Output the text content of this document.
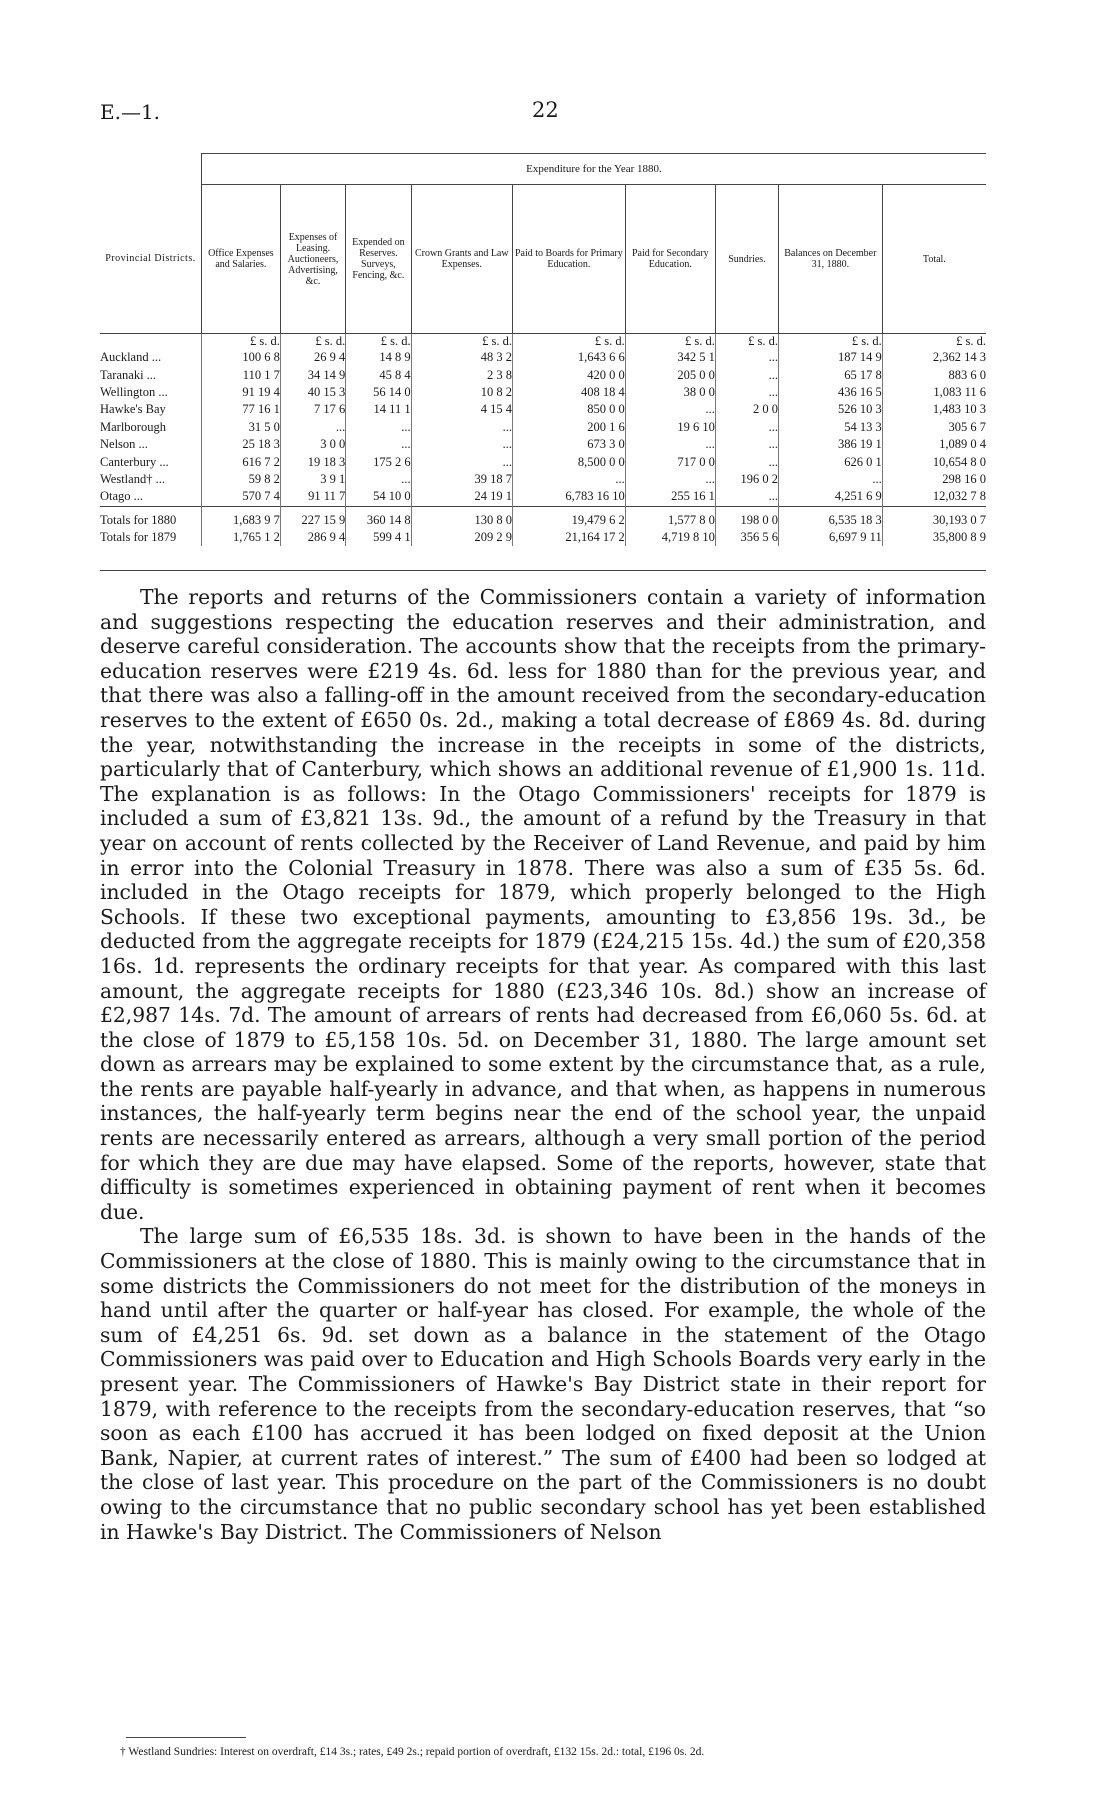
E.—1.	22
	Expenditure for the Year 1880.								
Provincial Districts.	Office Expenses and Salaries.	Expenses of Leasing. Auctioneers, Advertising, &c.	Expended on Reserves. Surveys, Fencing, &c.	Crown Grants and Law Expenses.	Paid to Boards for Primary Education.	Paid for Secondary Education.	Sundries.	Balances on December 31, 1880.	Total.
	£ s. d.	£ s. d.	£ s. d.	£ s. d.	£ s. d.	£ s. d.	£ s. d.	£ s. d.	£ s. d.
Auckland ...	100 6 8	26 9 4	14 8 9	48 3 2	1,643 6 6	342 5 1	...	187 14 9	2,362 14 3
Taranaki ...	110 1 7	34 14 9	45 8 4	2 3 8	420 0 0	205 0 0	...	65 17 8	883 6 0
Wellington ...	91 19 4	40 15 3	56 14 0	10 8 2	408 18 4	38 0 0	...	436 16 5	1,083 11 6
Hawke's Bay	77 16 1	7 17 6	14 11 1	4 15 4	850 0 0	...	2 0 0	526 10 3	1,483 10 3
Marlborough	31 5 0	...	...	...	200 1 6	19 6 10	...	54 13 3	305 6 7
Nelson ...	25 18 3	3 0 0	...	...	673 3 0	...	...	386 19 1	1,089 0 4
Canterbury ...	616 7 2	19 18 3	175 2 6	...	8,500 0 0	717 0 0	...	626 0 1	10,654 8 0
Westland† ...	59 8 2	3 9 1	...	39 18 7	...	...	196 0 2	...	298 16 0
Otago ...	570 7 4	91 11 7	54 10 0	24 19 1	6,783 16 10	255 16 1	...	4,251 6 9	12,032 7 8
Totals for 1880	1,683 9 7	227 15 9	360 14 8	130 8 0	19,479 6 2	1,577 8 0	198 0 0	6,535 18 3	30,193 0 7
Totals for 1879	1,765 1 2	286 9 4	599 4 1	209 2 9	21,164 17 2	4,719 8 10	356 5 6	6,697 9 11	35,800 8 9

The reports and returns of the Commissioners contain a variety of information and suggestions respecting the education reserves and their administration, and deserve careful consideration. The accounts show that the receipts from the primary-education reserves were £219 4s. 6d. less for 1880 than for the previous year, and that there was also a falling-off in the amount received from the secondary-education reserves to the extent of £650 0s. 2d., making a total decrease of £869 4s. 8d. during the year, notwithstanding the increase in the receipts in some of the districts, particularly that of Canterbury, which shows an additional revenue of £1,900 1s. 11d. The explanation is as follows: In the Otago Commissioners' receipts for 1879 is included a sum of £3,821 13s. 9d., the amount of a refund by the Treasury in that year on account of rents collected by the Receiver of Land Revenue, and paid by him in error into the Colonial Treasury in 1878. There was also a sum of £35 5s. 6d. included in the Otago receipts for 1879, which properly belonged to the High Schools. If these two exceptional payments, amounting to £3,856 19s. 3d., be deducted from the aggregate receipts for 1879 (£24,215 15s. 4d.) the sum of £20,358 16s. 1d. represents the ordinary receipts for that year. As compared with this last amount, the aggregate receipts for 1880 (£23,346 10s. 8d.) show an increase of £2,987 14s. 7d. The amount of arrears of rents had decreased from £6,060 5s. 6d. at the close of 1879 to £5,158 10s. 5d. on December 31, 1880. The large amount set down as arrears may be explained to some extent by the circumstance that, as a rule, the rents are payable half-yearly in advance, and that when, as happens in numerous instances, the half-yearly term begins near the end of the school year, the unpaid rents are necessarily entered as arrears, although a very small portion of the period for which they are due may have elapsed. Some of the reports, however, state that difficulty is sometimes experienced in obtaining payment of rent when it becomes due.

The large sum of £6,535 18s. 3d. is shown to have been in the hands of the Commissioners at the close of 1880. This is mainly owing to the circumstance that in some districts the Commissioners do not meet for the distribution of the moneys in hand until after the quarter or half-year has closed. For example, the whole of the sum of £4,251 6s. 9d. set down as a balance in the statement of the Otago Commissioners was paid over to Education and High Schools Boards very early in the present year. The Commissioners of Hawke's Bay District state in their report for 1879, with reference to the receipts from the secondary-education reserves, that “so soon as each £100 has accrued it has been lodged on fixed deposit at the Union Bank, Napier, at current rates of interest.” The sum of £400 had been so lodged at the close of last year. This procedure on the part of the Commissioners is no doubt owing to the circumstance that no public secondary school has yet been established in Hawke's Bay District. The Commissioners of Nelson

† Westland Sundries: Interest on overdraft, £14 3s.; rates, £49 2s.; repaid portion of overdraft, £132 15s. 2d.: total, £196 0s. 2d.
